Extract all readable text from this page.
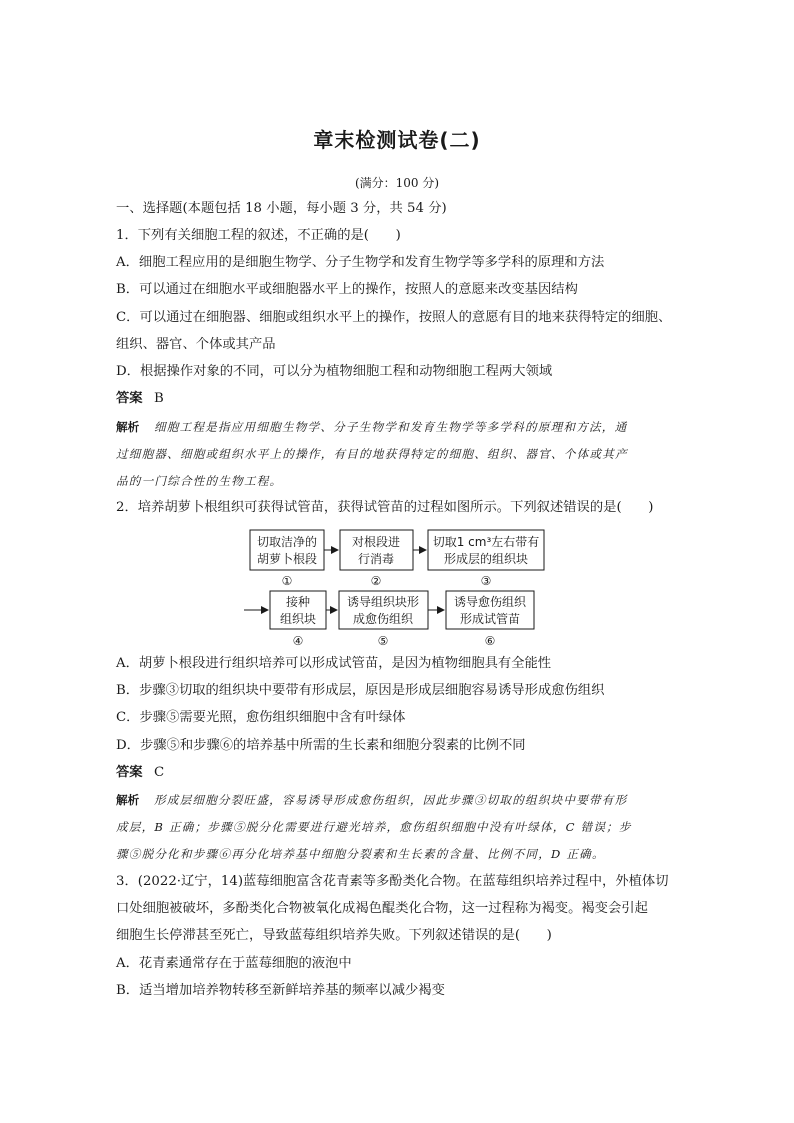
章末检测试卷(二)
(满分：100 分)
一、选择题(本题包括 18 小题，每小题 3 分，共 54 分)
1．下列有关细胞工程的叙述，不正确的是(　　)
A．细胞工程应用的是细胞生物学、分子生物学和发育生物学等多学科的原理和方法
B．可以通过在细胞水平或细胞器水平上的操作，按照人的意愿来改变基因结构
C．可以通过在细胞器、细胞或组织水平上的操作，按照人的意愿有目的地来获得特定的细胞、
组织、器官、个体或其产品
D．根据操作对象的不同，可以分为植物细胞工程和动物细胞工程两大领域
答案 B
解析 细胞工程是指应用细胞生物学、分子生物学和发育生物学等多学科的原理和方法，通
过细胞器、细胞或组织水平上的操作，有目的地获得特定的细胞、组织、器官、个体或其产
品的一门综合性的生物工程。
2．培养胡萝卜根组织可获得试管苗，获得试管苗的过程如图所示。下列叙述错误的是(　　)
切取洁净的
胡萝卜根段
对根段进
行消毒
切取1 cm³左右带有
形成层的组织块
①	②	③
接种
组织块
诱导组织块形
成愈伤组织
诱导愈伤组织
形成试管苗
④	⑤	⑥
A．胡萝卜根段进行组织培养可以形成试管苗，是因为植物细胞具有全能性
B．步骤③切取的组织块中要带有形成层，原因是形成层细胞容易诱导形成愈伤组织
C．步骤⑤需要光照，愈伤组织细胞中含有叶绿体
D．步骤⑤和步骤⑥的培养基中所需的生长素和细胞分裂素的比例不同
答案 C
解析 形成层细胞分裂旺盛，容易诱导形成愈伤组织，因此步骤③切取的组织块中要带有形
成层，B 正确；步骤⑤脱分化需要进行避光培养，愈伤组织细胞中没有叶绿体，C 错误；步
骤⑤脱分化和步骤⑥再分化培养基中细胞分裂素和生长素的含量、比例不同，D 正确。
3．(2022·辽宁，14)蓝莓细胞富含花青素等多酚类化合物。在蓝莓组织培养过程中，外植体切
口处细胞被破坏，多酚类化合物被氧化成褐色醌类化合物，这一过程称为褐变。褐变会引起
细胞生长停滞甚至死亡，导致蓝莓组织培养失败。下列叙述错误的是(　　)
A．花青素通常存在于蓝莓细胞的液泡中
B．适当增加培养物转移至新鲜培养基的频率以减少褐变
